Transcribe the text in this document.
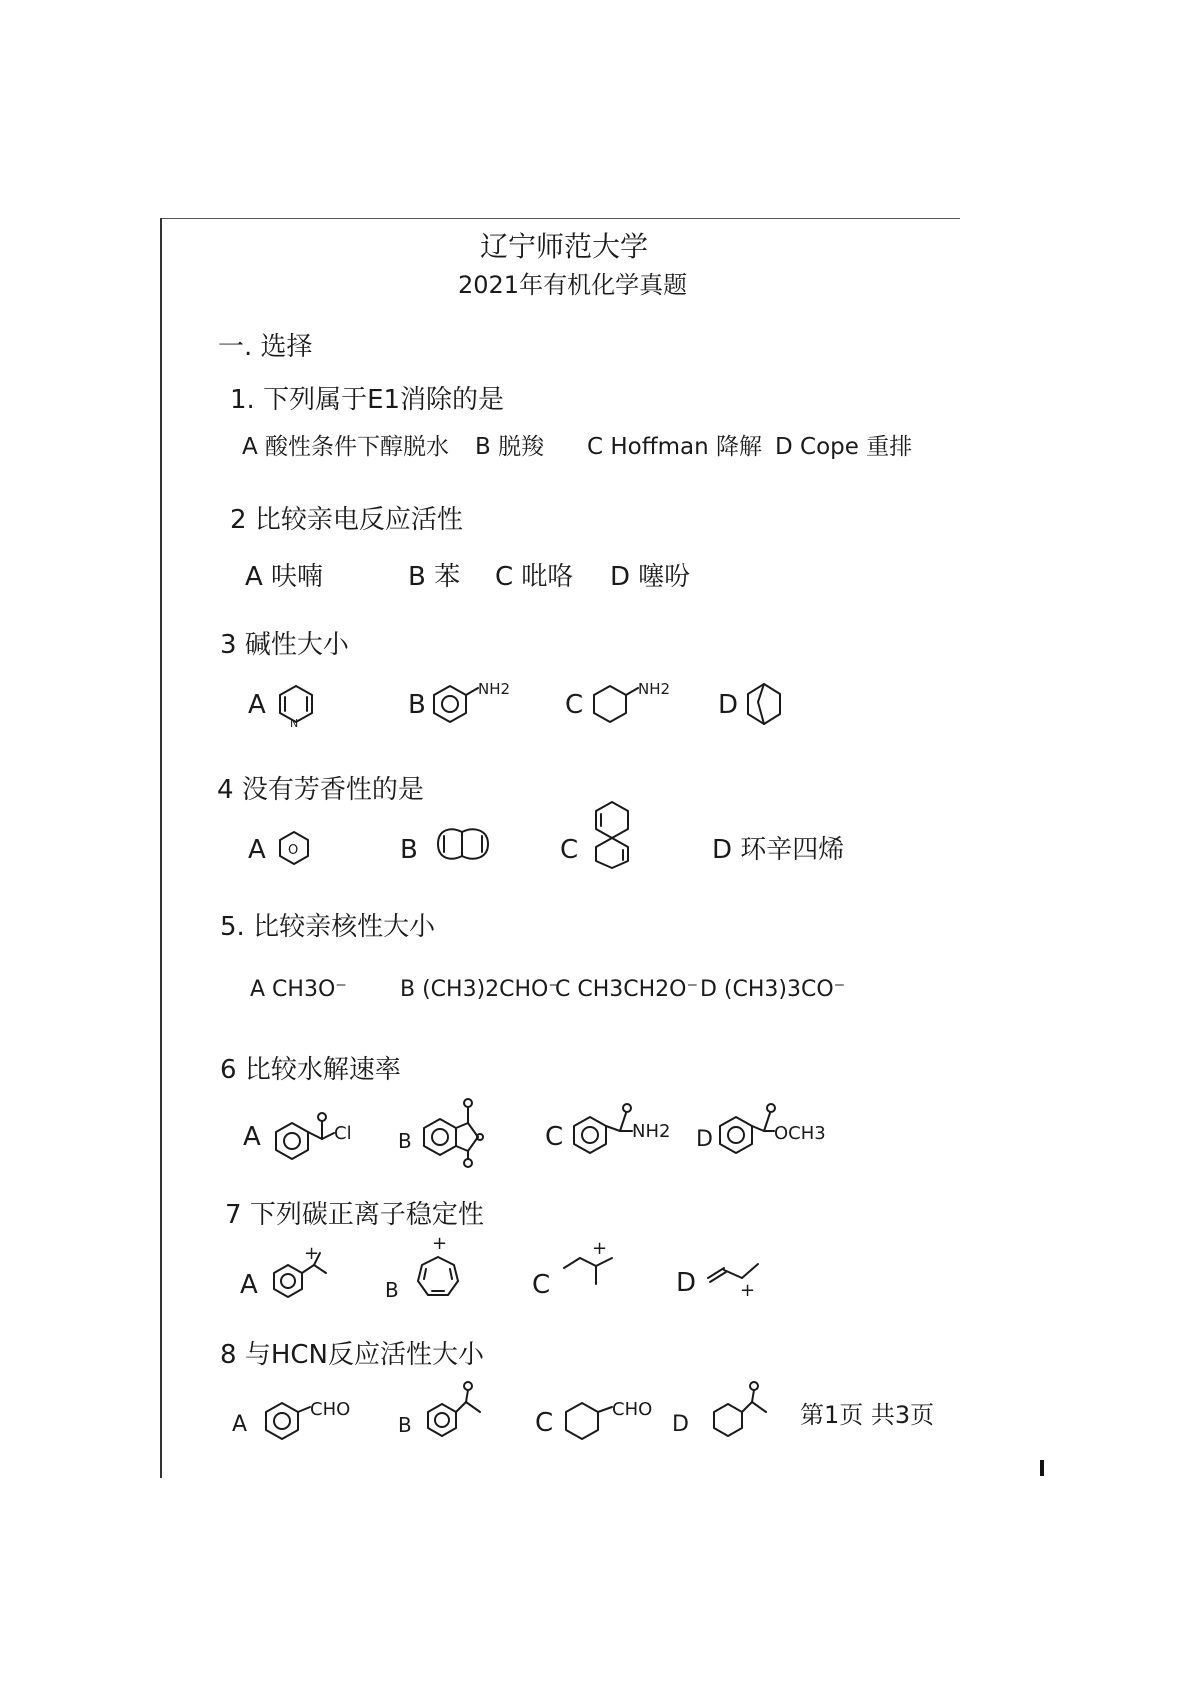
辽宁师范大学
2021年有机化学真题
一. 选择
1. 下列属于E1消除的是
A 酸性条件下醇脱水 B 脱羧 C Hoffman 降解 D Cope 重排
2 比较亲电反应活性
A 呋喃	B 苯 C 吡咯 D 噻吩
3 碱性大小
A
N
B
NH2
C
NH2
D
4 没有芳香性的是
A O	B	C	D 环辛四烯
5. 比较亲核性大小
A CH3O⁻ B (CH3)2CHO⁻
C CH3CH2O⁻ D (CH3)3CO⁻
6 比较水解速率
A	Cl B	C	NH2 D	OCH3
7 下列碳正离子稳定性
A
+
B
+
C
+
D +
8 与HCN反应活性大小
A
CHO
B	C	CHO
D	第1页 共3页
